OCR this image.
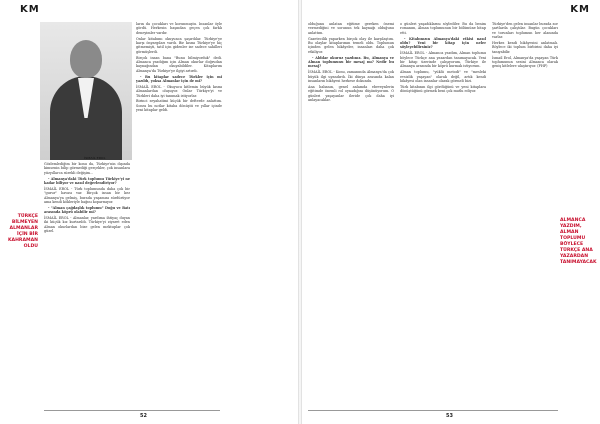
KM
İSMAİL EROL
TÜRKÇE BİLMEYEN ALMANLAR İÇİN BİR KAHRAMAN OLDU

Gözlemlediğim bir konu da, Türkiye'nin dışında kimsenin bilip görmediği gerçekler, çok insanlara yüzyıllarca sürekli değişim...

- Almanya'daki Türk toplumu Türkiye'yi ne kadar biliyor ve nasıl değerlendiriyor?

İSMAİL EROL - Türk toplumunda daha çok bir "gurur" havası var. Birçok insan bir kez Almanya'ya gelmiş, burada yaşamını sürdürüyor ama kendi kökleriyle bağını koparmıyor.

- "Alman çağdaşlık toplumu" Doğu ve Batı arasında köprü olabilir mi?

İSMAİL EROL - Almanlar, yardıma ihtiyaç duyan iki küçük kız kurtarıldı. Türkiye'yi ziyaret eden Alman okurlardan bize gelen mektuplar çok güzel.

ların da çocukları ve korunmuştu. İnsanlar öyle gördü. Herkesin başından geçen çok farklı deneyimler vardır.

Onlar kitabımı okuyunca şaşırdılar. Türkiye'ye karşı önyargıları vardı. Bir kısmı Türkiye'ye hiç gitmemişti, tatil için gidenler ise sadece sahilleri görmüşlerdi.

Birçok insan bana "Bunu bilmiyorduk" dedi. Almanca yazdığım için Alman okurlar doğrudan kaynağından okuyabildiler. Kitaplarım Almanya'da Türkiye'ye ilgiyi artırdı.

- Bu kitaplar sadece Türkler için mi yazıldı, yoksa Almanlar için de mi?

İSMAİL EROL - Okuyucu kitlemin büyük kısmı Almanlardan oluşuyor. Onlar Türkiye'yi ve Türkleri daha iyi tanımak istiyorlar.

Birinci seyahatimi küçük bir defterde anlattım. Sonra bu notlar kitaba dönüştü ve yıllar içinde yeni kitaplar geldi.

52
KM
53

olduğunu anlatan eğitime gereken önemi vermediğini ve sorunun tek kaynağı olduğunu anlattım.

Gazetecilik yaparken birçok olay ile karşılaştım. Bu olaylar kitaplarımın temeli oldu. Toplumun içinden gelen hikâyeler, insanları daha çok etkiliyor.

- Aldılar okuruz yazdınız. Bu, Almanya ve Alman toplumunu bir mesaj mı? Nedir bu mesaj?

İSMAİL EROL - Konu, zamanında Almanya'da çok büyük ilgi uyandırdı. İki dünya arasında kalan insanların hikâyesi herkese dokundu.

Ana babanın, genel anlamda ebeveynlerin eğitimde önemli rol oynadığını düşünüyorum. O günleri yaşayanlar ileride çok daha iyi anlayacaklar.

o günleri yaşadıklarını söylediler. Bu da benim romanım, Alman toplumunun bir bölümüne hitap etti.

- Kitabınızın Almanya'daki etkisi nasıl oldu? Yeni bir kitap için neler söyleyebilirsiniz?

İSMAİL EROL - Almanca yazdım, Alman toplumu böylece Türkçe ana yazardan tanımayacak. Yeni bir kitap üzerinde çalışıyorum, Türkiye ile Almanya arasında bir köprü kurmak istiyorum.

Alman toplumu, "yüklü metodi" ve "mesleki evsizlik yaşayan" olarak değil, artık kendi hikâyesi olan insanlar olarak görmeli bizi.

Türk kitabının ilgi gördüğünü ve yeni kitaplara dönüştüğünü görmek beni çok mutlu ediyor.

Türkiye'den gelen insanlar burada zor şartlarda çalıştılar. Bugün çocukları ve torunları toplumun her alanında varlar.

Herkes kendi hikâyesini anlatmalı. Böylece iki toplum birbirini daha iyi tanıyabilir.

İsmail Erol, Almanya'da yaşayan Türk toplumunun sesini Almanca olarak geniş kitlelere ulaştırıyor. (FHP)

ALMANCA YAZDIM, ALMAN TOPLUMU BÖYLECE TÜRKÇE ANA YAZARDAN TANIMAYACAK
